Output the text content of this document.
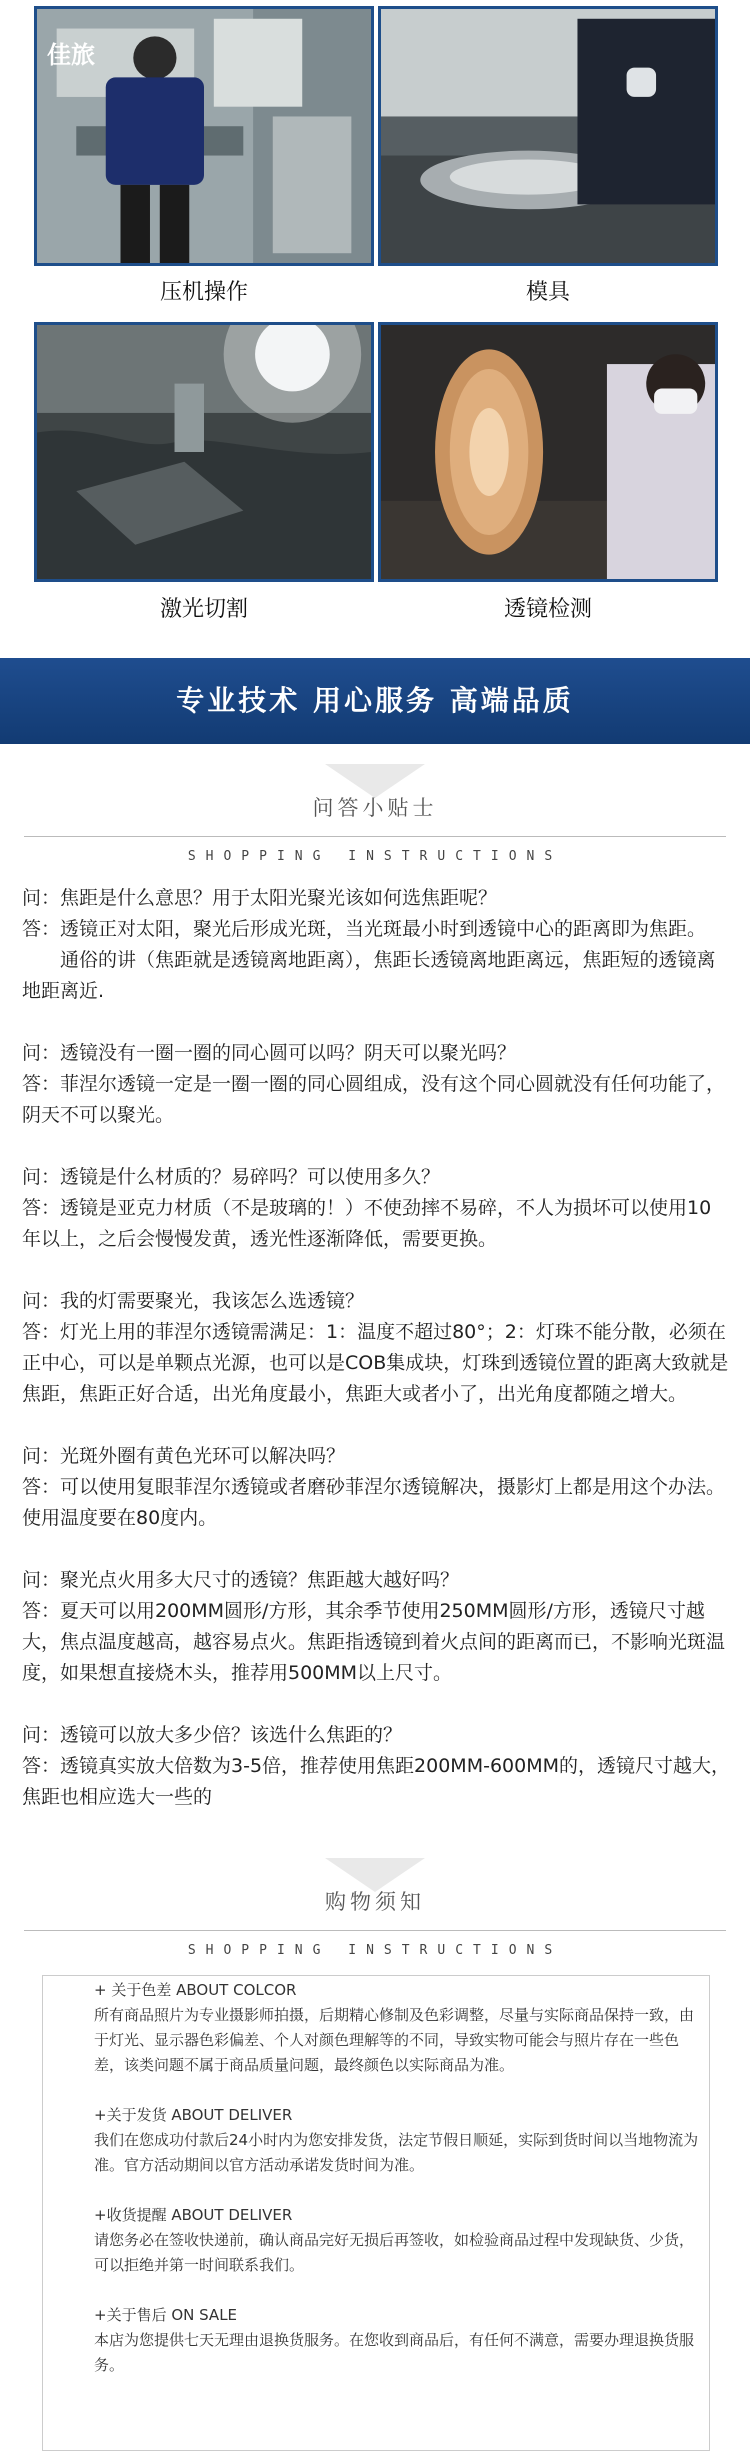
佳旅
压机操作	模具
激光切割	透镜检测
专业技术 用心服务 高端品质
问答小贴士
SHOPPING INSTRUCTIONS

问：焦距是什么意思？用于太阳光聚光该如何选焦距呢？

答：透镜正对太阳，聚光后形成光斑，当光斑最小时到透镜中心的距离即为焦距。

通俗的讲（焦距就是透镜离地距离），焦距长透镜离地距离远，焦距短的透镜离地距离近.

问：透镜没有一圈一圈的同心圆可以吗？阴天可以聚光吗？

答：菲涅尔透镜一定是一圈一圈的同心圆组成，没有这个同心圆就没有任何功能了，阴天不可以聚光。

问：透镜是什么材质的？易碎吗？可以使用多久？

答：透镜是亚克力材质（不是玻璃的！）不使劲摔不易碎，不人为损坏可以使用10年以上，之后会慢慢发黄，透光性逐渐降低，需要更换。

问：我的灯需要聚光，我该怎么选透镜？

答：灯光上用的菲涅尔透镜需满足：1：温度不超过80°；2：灯珠不能分散，必须在正中心，可以是单颗点光源，也可以是COB集成块，灯珠到透镜位置的距离大致就是焦距，焦距正好合适，出光角度最小，焦距大或者小了，出光角度都随之增大。

问：光斑外圈有黄色光环可以解决吗？

答：可以使用复眼菲涅尔透镜或者磨砂菲涅尔透镜解决，摄影灯上都是用这个办法。使用温度要在80度内。

问：聚光点火用多大尺寸的透镜？焦距越大越好吗？

答：夏天可以用200MM圆形/方形，其余季节使用250MM圆形/方形，透镜尺寸越大，焦点温度越高，越容易点火。焦距指透镜到着火点间的距离而已，不影响光斑温度，如果想直接烧木头，推荐用500MM以上尺寸。

问：透镜可以放大多少倍？该选什么焦距的？

答：透镜真实放大倍数为3-5倍，推荐使用焦距200MM-600MM的，透镜尺寸越大，焦距也相应选大一些的

购物须知
SHOPPING INSTRUCTIONS

+ 关于色差 ABOUT COLCOR

所有商品照片为专业摄影师拍摄，后期精心修制及色彩调整，尽量与实际商品保持一致，由于灯光、显示器色彩偏差、个人对颜色理解等的不同，导致实物可能会与照片存在一些色差，该类问题不属于商品质量问题，最终颜色以实际商品为准。

+关于发货 ABOUT DELIVER

我们在您成功付款后24小时内为您安排发货，法定节假日顺延，实际到货时间以当地物流为准。官方活动期间以官方活动承诺发货时间为准。

+收货提醒 ABOUT DELIVER

请您务必在签收快递前，确认商品完好无损后再签收，如检验商品过程中发现缺货、少货，可以拒绝并第一时间联系我们。

+关于售后 ON SALE

本店为您提供七天无理由退换货服务。在您收到商品后，有任何不满意，需要办理退换货服务。
